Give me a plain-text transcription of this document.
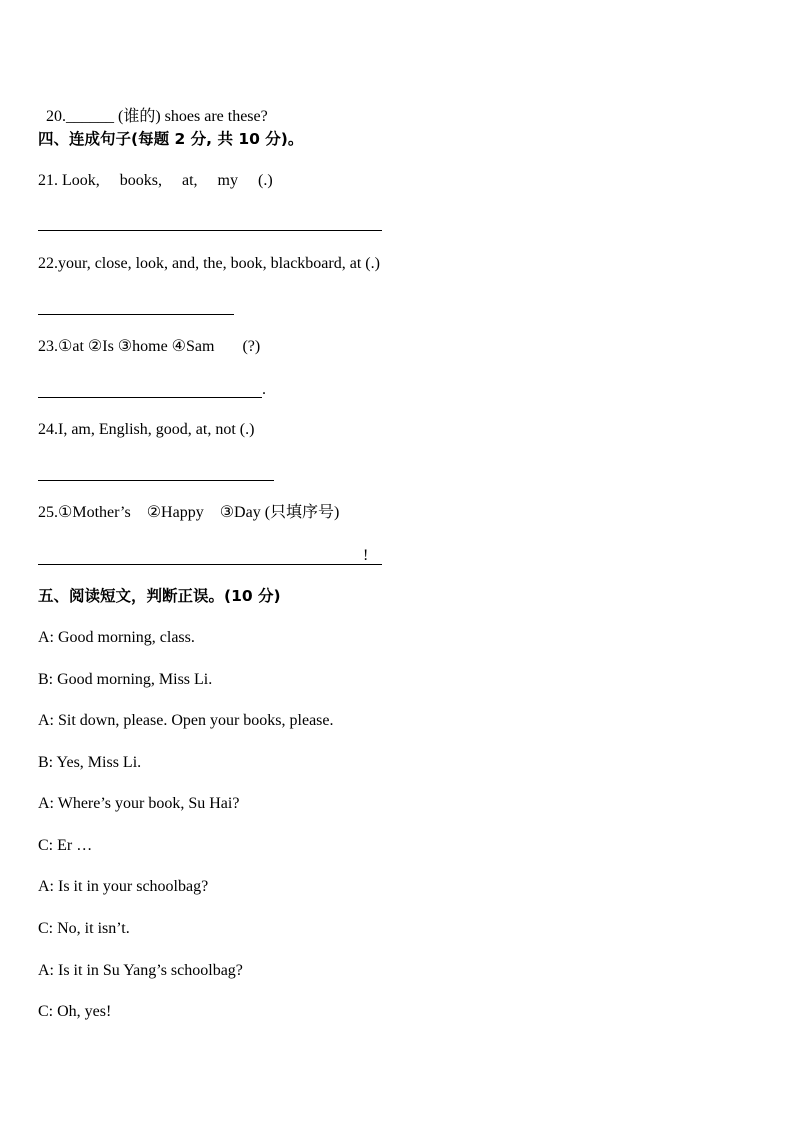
20.______ (谁的) shoes are these?

四、连成句子(每题 2 分, 共 10 分)。
21. Look,     books,     at,     my     (.)
22.your, close, look, and, the, book, blackboard, at (.)
23.①at ②Is ③home ④Sam       (?)
.
24.I, am, English, good, at, not (.)
25.①Mother’s    ②Happy    ③Day (只填序号)
!
五、阅读短文，判断正误。(10 分)
A: Good morning, class.
B: Good morning, Miss Li.
A: Sit down, please. Open your books, please.
B: Yes, Miss Li.
A: Where’s your book, Su Hai?
C: Er …
A: Is it in your schoolbag?
C: No, it isn’t.
A: Is it in Su Yang’s schoolbag?
C: Oh, yes!
